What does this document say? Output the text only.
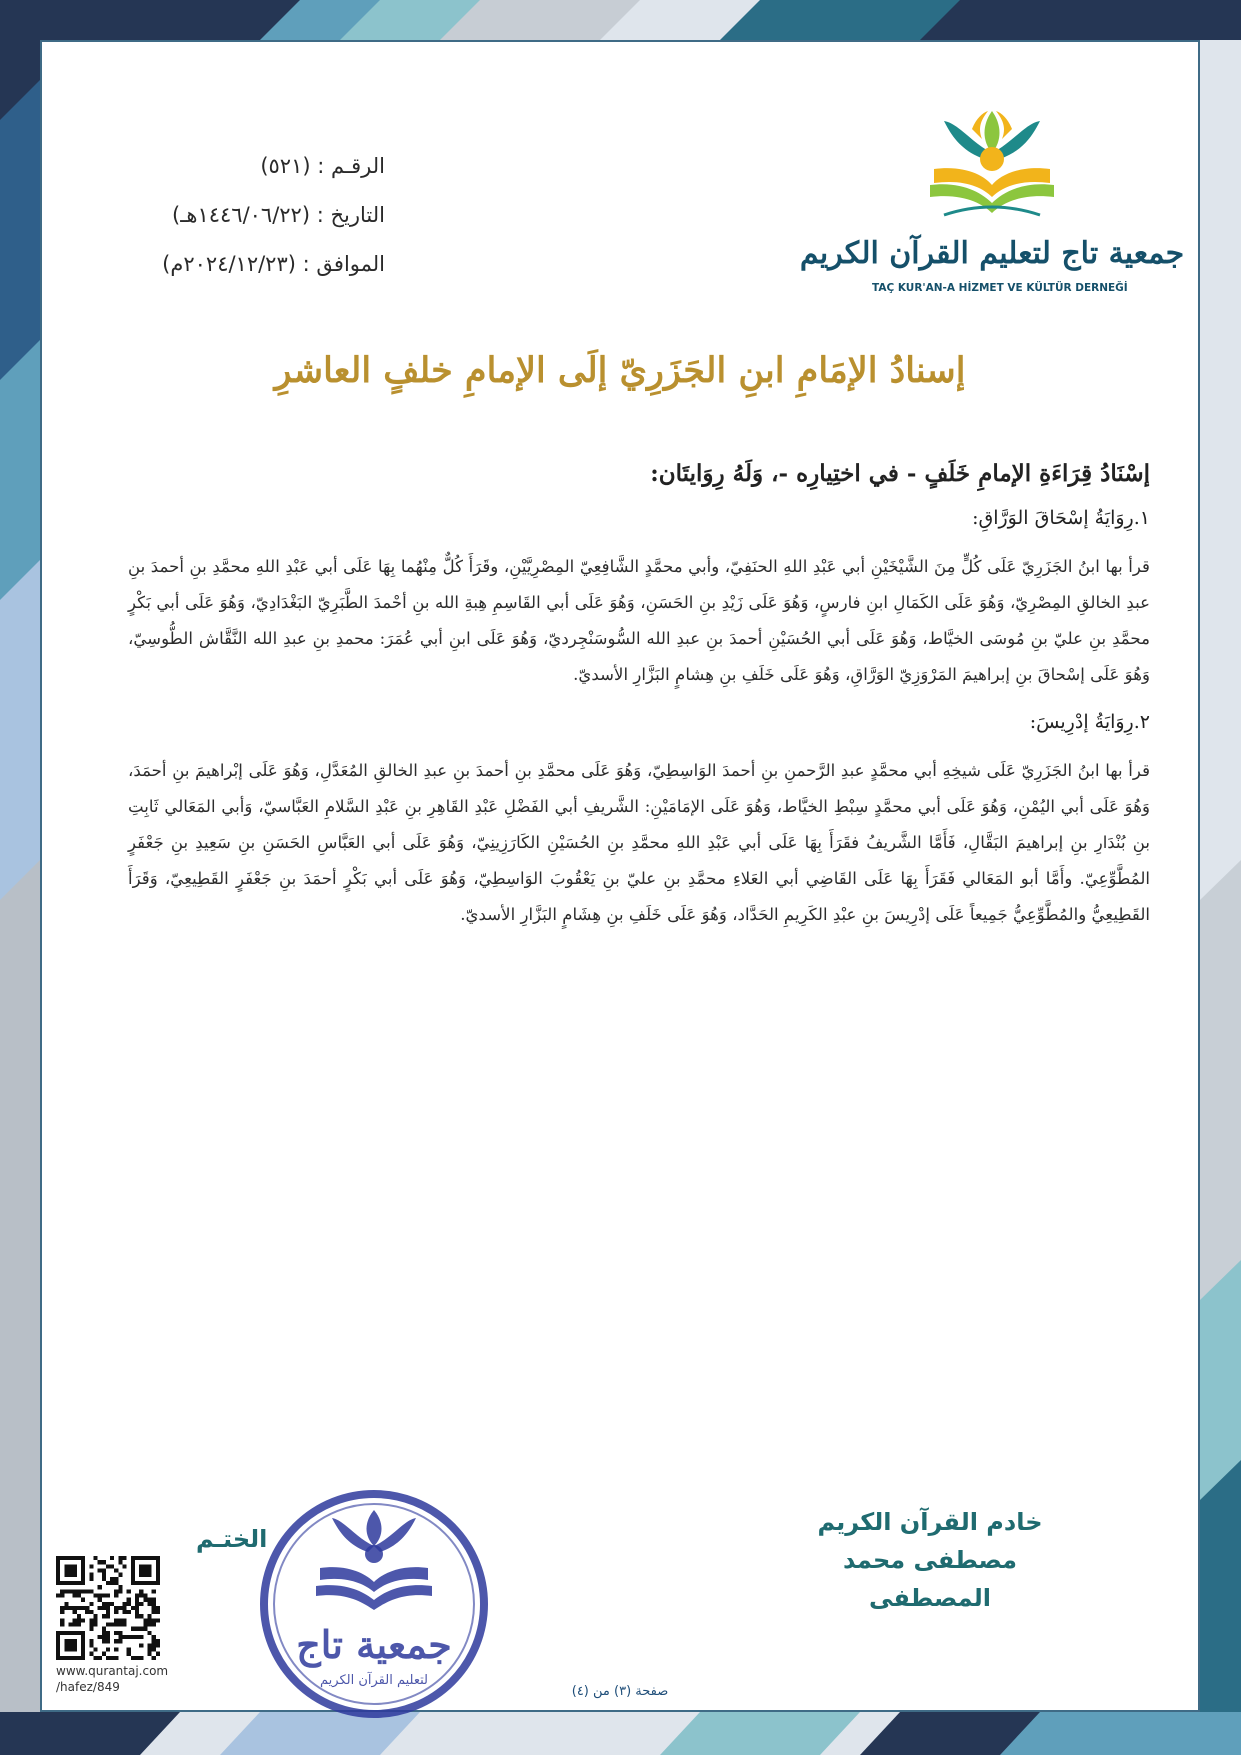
جمعية تاج لتعليم القرآن الكريم
TAÇ KUR'AN-A HİZMET VE KÜLTÜR DERNEĞİ
الرقـم : (٥٢١)
التاريخ : (١٤٤٦/٠٦/٢٢هـ)
الموافق : (٢٠٢٤/١٢/٢٣م)
إسنادُ الإمَامِ ابنِ الجَزَرِيّ إلَى الإمامِ خلفٍ العاشرِ
إسْنَادُ قِرَاءَةِ الإمامِ خَلَفٍ - في اختِيارِه -، وَلَهُ رِوَايتَان:
١.رِوَايَةُ إسْحَاقَ الوَرَّاقِ:

قرأ بها ابنُ الجَزَرِيّ عَلَى كُلٍّ مِنَ الشَّيْخَيْنِ أبي عَبْدِ اللهِ الحنَفِيّ، وأبي محمَّدٍ الشَّافِعِيّ المِصْرِيَّيْنِ، وقَرَأَ كُلٌّ مِنْهُما بِهَا عَلَى أبي عَبْدِ اللهِ محمَّدِ بنِ أحمدَ بنِ عبدِ الخالقِ المِصْرِيّ، وَهُوَ عَلَى الكَمَالِ ابنِ فارسٍ، وَهُوَ عَلَى زَيْدِ بنِ الحَسَنِ، وَهُوَ عَلَى أبي القَاسِمِ هِبةِ الله بنِ أحْمدَ الطَّبَرِيّ البَغْدَادِيّ، وَهُوَ عَلَى أبي بَكْرٍ محمَّدِ بنِ عليّ بنِ مُوسَى الخيَّاط، وَهُوَ عَلَى أبي الحُسَيْنِ أحمدَ بنِ عبدِ الله السُّوسَنْجِرديّ، وَهُوَ عَلَى ابنِ أبي عُمَرَ: محمدِ بنِ عبدِ الله النَّقَّاش الطُّوسِيّ، وَهُوَ عَلَى إسْحاقَ بنِ إبراهيمَ المَرْوَزِيّ الوَرَّاقِ، وَهُوَ عَلَى خَلَفِ بنِ هِشامٍ البَزَّارِ الأسديّ.

٢.رِوَايَةُ إدْرِيسَ:

قرأ بها ابنُ الجَزَرِيّ عَلَى شيخِهِ أبي محمَّدٍ عبدِ الرَّحمنِ بنِ أحمدَ الوَاسِطِيّ، وَهُوَ عَلَى محمَّدِ بنِ أحمدَ بنِ عبدِ الخالقِ المُعَدَّلِ، وَهُوَ عَلَى إبْراهيمَ بنِ أحمَدَ، وَهُوَ عَلَى أبي اليُمْنِ، وَهُوَ عَلَى أبي محمَّدٍ سِبْطِ الخيَّاط، وَهُوَ عَلَى الإمَامَيْنِ: الشَّريفِ أبي الفَضْلِ عَبْدِ القَاهِرِ بنِ عَبْدِ السَّلامِ العَبَّاسيّ، وَأبي المَعَالي ثَابِتِ بنِ بُنْدَارِ بنِ إبراهيمَ البَقَّالِ، فَأَمَّا الشَّريفُ فقَرَأَ بِهَا عَلَى أبي عَبْدِ اللهِ محمَّدِ بنِ الحُسَيْنِ الكَارَزِينِيّ، وَهُوَ عَلَى أبي العَبَّاسِ الحَسَنِ بنِ سَعِيدِ بنِ جَعْفَرٍ المُطَّوِّعِيّ. وأَمَّا أبو المَعَالي فَقَرَأَ بِهَا عَلَى القَاضِي أبي العَلاءِ محمَّدِ بنِ عليّ بنِ يَعْقُوبَ الوَاسِطِيّ، وَهُوَ عَلَى أبي بَكْرٍ أحمَدَ بنِ جَعْفَرٍ القَطِيعِيّ، وَقَرَأَ القَطِيعِيُّ والمُطَّوِّعِيُّ جَمِيعاً عَلَى إدْرِيسَ بنِ عبْدِ الكَرِيمِ الحَدَّاد، وَهُوَ عَلَى خَلَفِ بنِ هِشَامٍ البَزَّارِ الأسديّ.

خادم القرآن الكريم
مصطفى محمد المصطفى
الختـم
جمعية تاج
لتعليم القرآن الكريم
www.qurantaj.com
/hafez/849	صفحة (٣) من (٤)
